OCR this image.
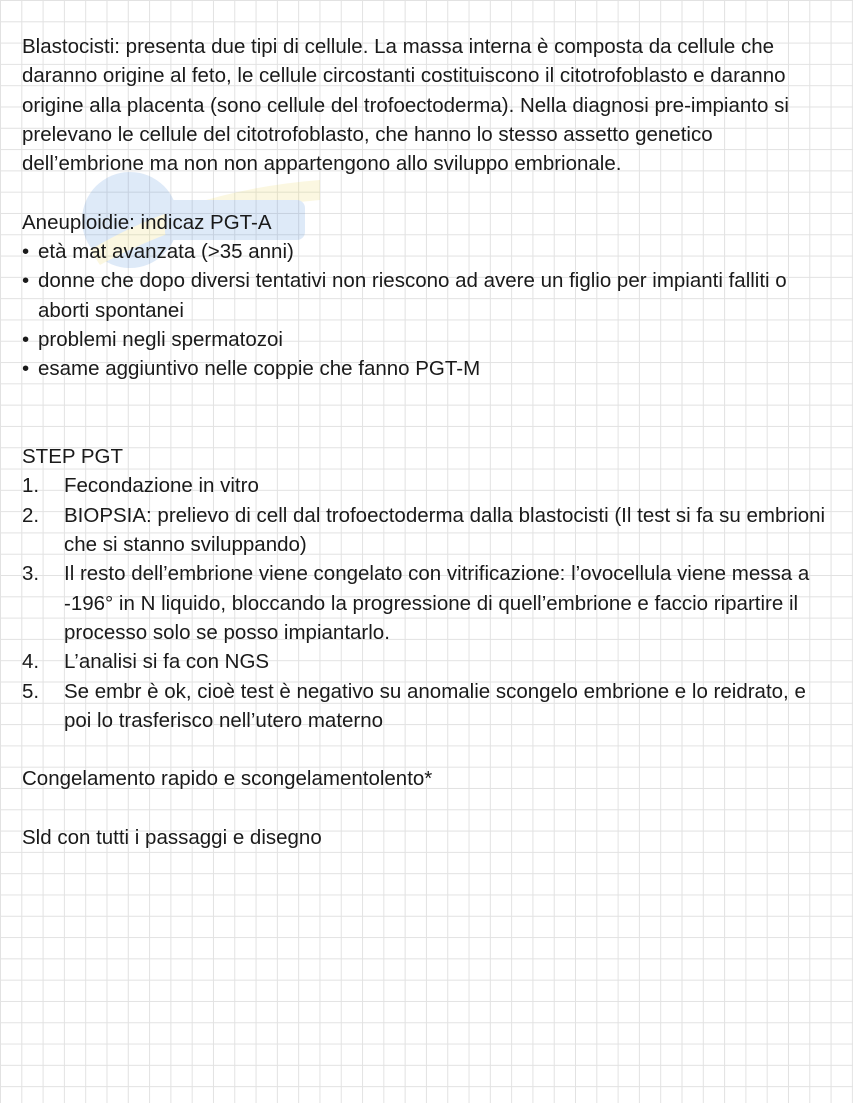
Blastocisti: presenta due tipi di cellule. La massa interna è composta da cellule che daranno origine al feto, le cellule circostanti costituiscono il citotrofoblasto e daranno origine alla placenta (sono cellule del trofoectoderma). Nella diagnosi pre-impianto si prelevano le cellule del citotrofoblasto, che hanno lo stesso assetto genetico dell’embrione ma non non appartengono allo sviluppo embrionale.

Aneuploidie: indicaz PGT-A

• età mat avanzata (>35 anni)
• donne che dopo diversi tentativi non riescono ad avere un figlio per impianti falliti o aborti spontanei
• problemi negli spermatozoi
• esame aggiuntivo nelle coppie che fanno PGT-M

STEP PGT

1. Fecondazione in vitro
2. BIOPSIA: prelievo di cell dal trofoectoderma dalla blastocisti (Il test si fa su embrioni che si stanno sviluppando)
3. Il resto dell’embrione viene congelato con vitrificazione: l’ovocellula viene messa a -196° in N liquido, bloccando la progressione di quell’embrione e faccio ripartire il processo solo se posso impiantarlo.
4. L’analisi si fa con NGS
5. Se embr è ok, cioè test è negativo su anomalie scongelo embrione e lo reidrato, e poi lo trasferisco nell’utero materno

Congelamento rapido e scongelamentolento*

Sld con tutti i passaggi e disegno
